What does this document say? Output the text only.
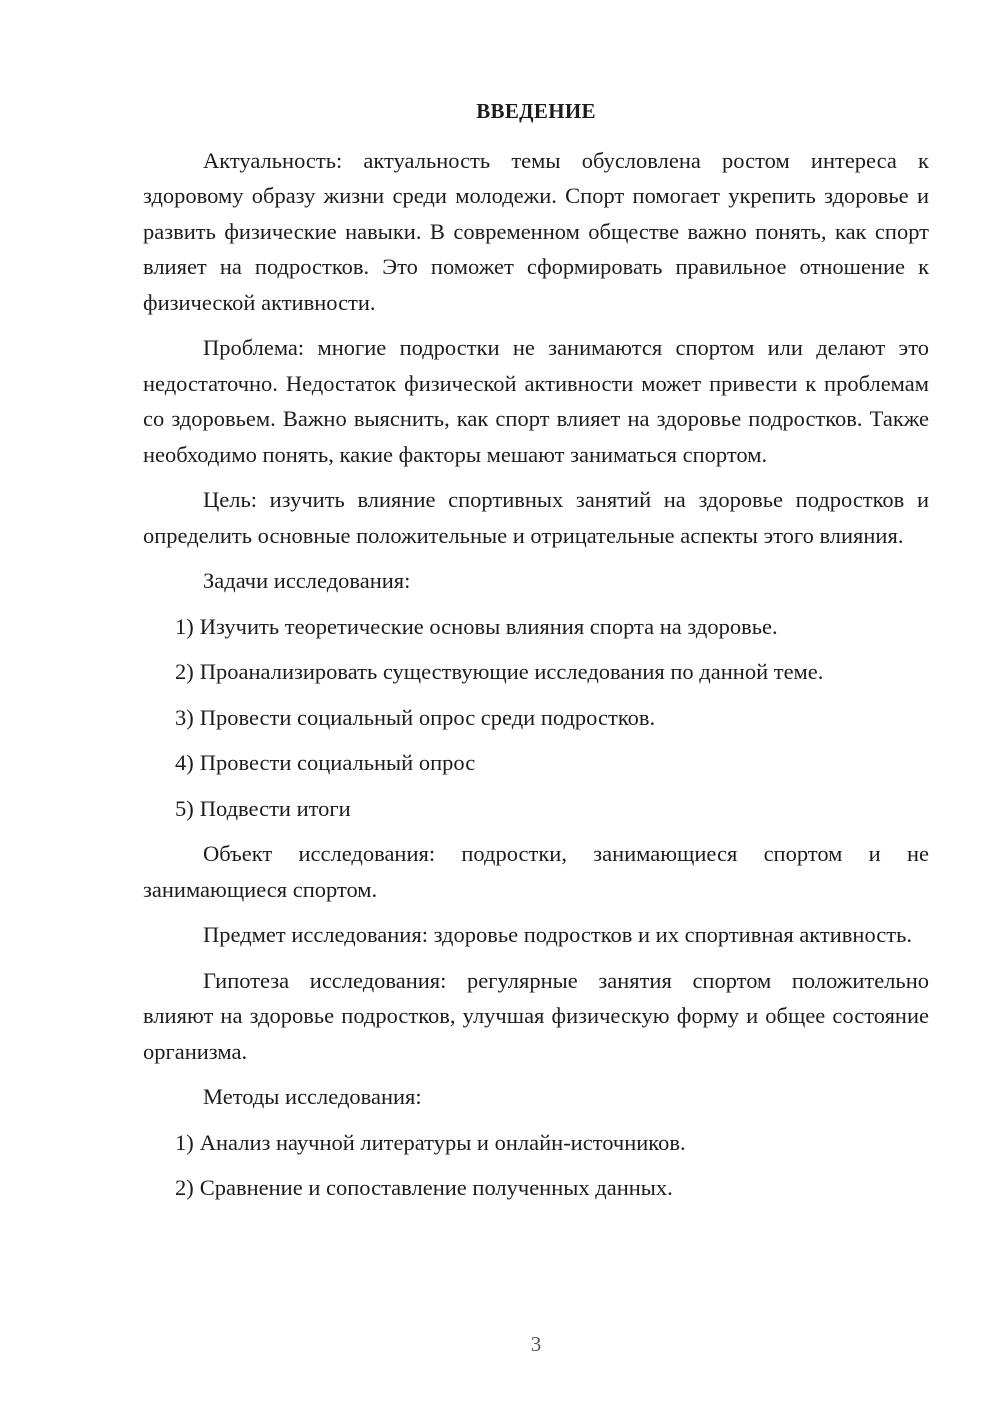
ВВЕДЕНИЕ

Актуальность: актуальность темы обусловлена ростом интереса к здоровому образу жизни среди молодежи. Спорт помогает укрепить здоровье и развить физические навыки. В современном обществе важно понять, как спорт влияет на подростков. Это поможет сформировать правильное отношение к физической активности.

Проблема: многие подростки не занимаются спортом или делают это недостаточно. Недостаток физической активности может привести к проблемам со здоровьем. Важно выяснить, как спорт влияет на здоровье подростков. Также необходимо понять, какие факторы мешают заниматься спортом.

Цель: изучить влияние спортивных занятий на здоровье подростков и определить основные положительные и отрицательные аспекты этого влияния.

Задачи исследования:

1) Изучить теоретические основы влияния спорта на здоровье.
2) Проанализировать существующие исследования по данной теме.
3) Провести социальный опрос среди подростков.
4) Провести социальный опрос
5) Подвести итоги

Объект исследования: подростки, занимающиеся спортом и не занимающиеся спортом.

Предмет исследования: здоровье подростков и их спортивная активность.

Гипотеза исследования: регулярные занятия спортом положительно влияют на здоровье подростков, улучшая физическую форму и общее состояние организма.

Методы исследования:

1) Анализ научной литературы и онлайн-источников.
2) Сравнение и сопоставление полученных данных.
3
